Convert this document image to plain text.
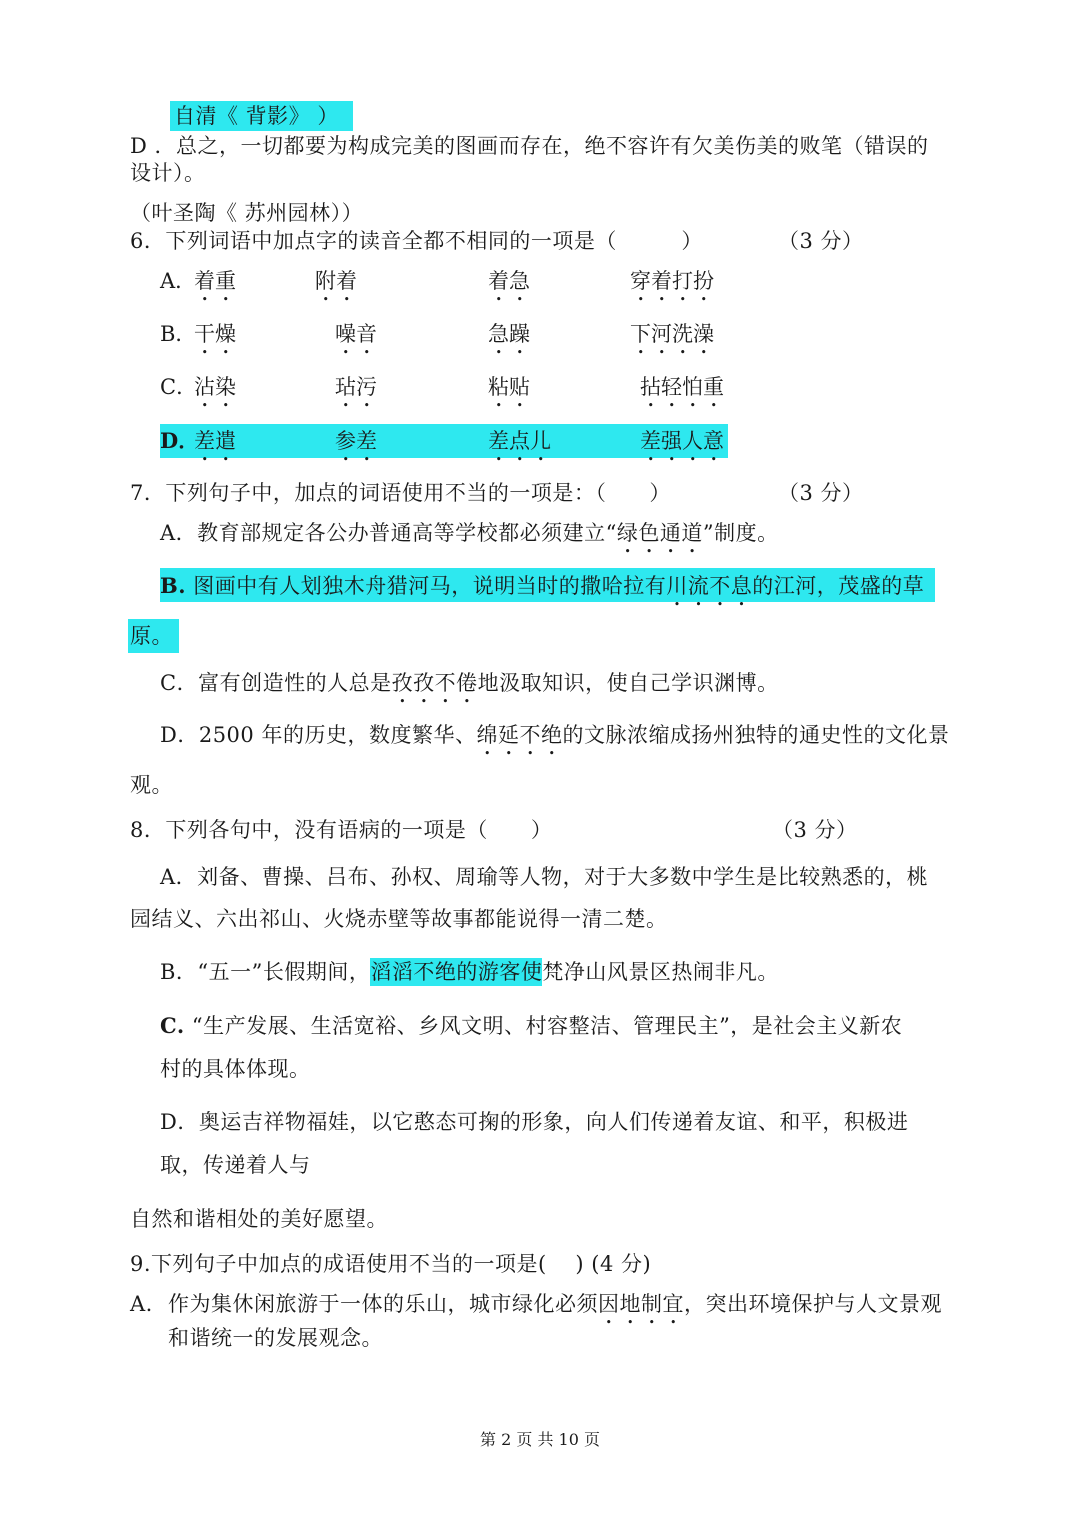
自清《 背影》 ）
D ．总之，一切都要为构成完美的图画而存在，绝不容许有欠美伤美的败笔（错误的
设计）。
（叶圣陶《 苏州园林））
6．下列词语中加点字的读音全都不相同的一项是（　　　）	（3 分）
A．
着重	附着	着急	穿着打扮
B．
干燥	噪音	急躁	下河洗澡
C．
沾染	玷污	粘贴	拈轻怕重
D．
差遣	参差	差点儿	差强人意
7．下列句子中，加点的词语使用不当的一项是：（　　）	（3 分）
A．教育部规定各公办普通高等学校都必须建立“绿色通道”制度。
B. 图画中有人划独木舟猎河马，说明当时的撒哈拉有川流不息的江河，茂盛的草
原。
C．富有创造性的人总是孜孜不倦地汲取知识，使自己学识渊博。
D．2500 年的历史，数度繁华、绵延不绝的文脉浓缩成扬州独特的通史性的文化景
观。
8．下列各句中，没有语病的一项是（　　）	（3 分）
A．刘备、曹操、吕布、孙权、周瑜等人物，对于大多数中学生是比较熟悉的，桃
园结义、六出祁山、火烧赤壁等故事都能说得一清二楚。
B．“五一”长假期间，滔滔不绝的游客使梵净山风景区热闹非凡。
C. “生产发展、生活宽裕、乡风文明、村容整洁、管理民主”，是社会主义新农
村的具体体现。
D．奥运吉祥物福娃，以它憨态可掬的形象，向人们传递着友谊、和平，积极进
取，传递着人与
自然和谐相处的美好愿望。
9.下列句子中加点的成语使用不当的一项是(　 ) (4 分)
A. 作为集休闲旅游于一体的乐山，城市绿化必须因地制宜，突出环境保护与人文景观
和谐统一的发展观念。
第 2 页 共 10 页
